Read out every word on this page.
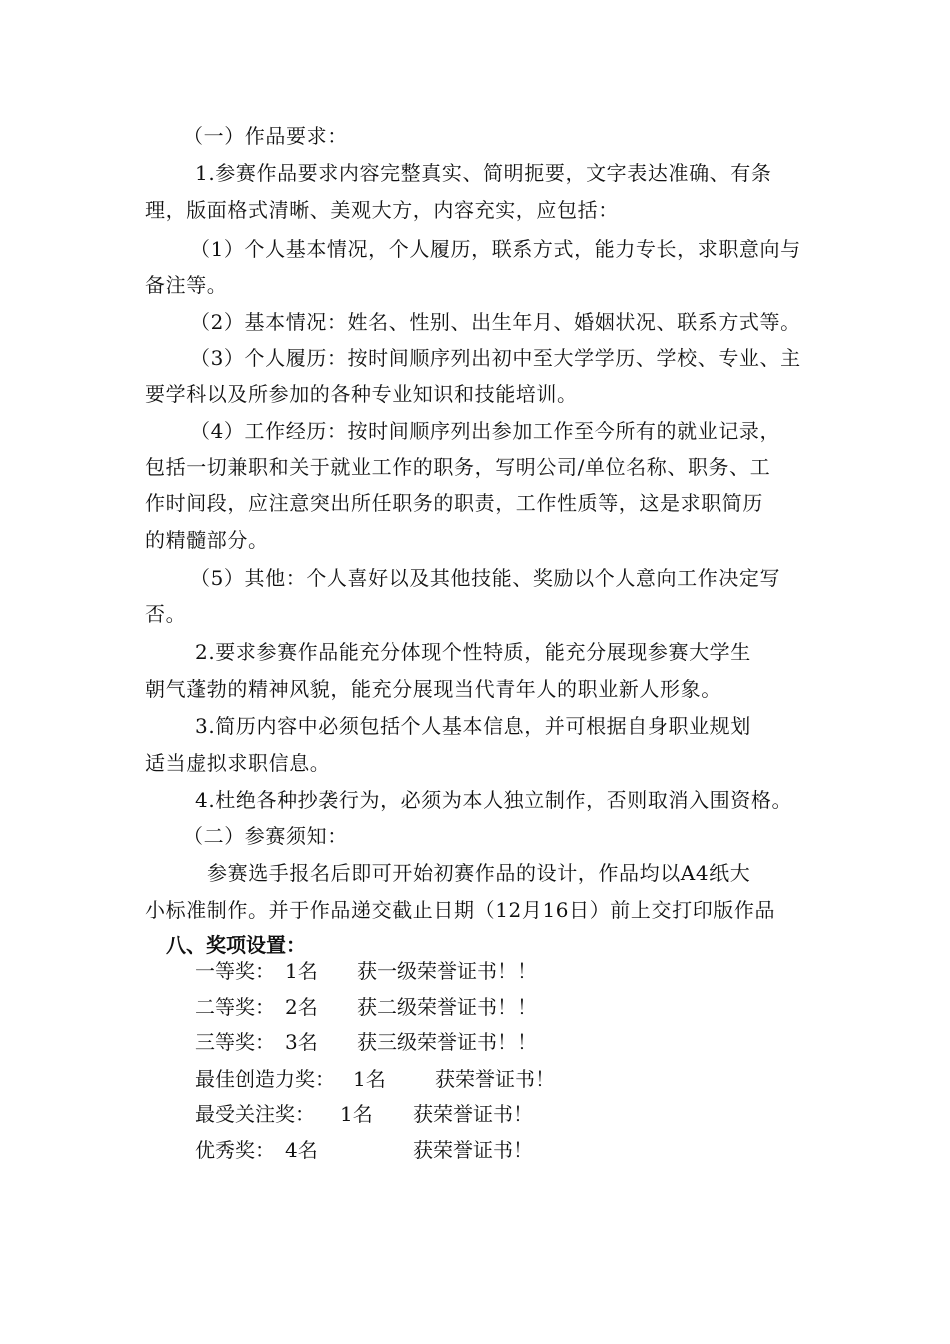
（一）作品要求：
1.参赛作品要求内容完整真实、简明扼要，文字表达准确、有条
理，版面格式清晰、美观大方，内容充实，应包括：
（1）个人基本情况，个人履历，联系方式，能力专长，求职意向与
备注等。
（2）基本情况：姓名、性别、出生年月、婚姻状况、联系方式等。
（3）个人履历：按时间顺序列出初中至大学学历、学校、专业、主
要学科以及所参加的各种专业知识和技能培训。
（4）工作经历：按时间顺序列出参加工作至今所有的就业记录，
包括一切兼职和关于就业工作的职务，写明公司/单位名称、职务、工
作时间段，应注意突出所任职务的职责，工作性质等，这是求职简历
的精髓部分。
（5）其他：个人喜好以及其他技能、奖励以个人意向工作决定写
否。
2.要求参赛作品能充分体现个性特质，能充分展现参赛大学生
朝气蓬勃的精神风貌，能充分展现当代青年人的职业新人形象。
3.简历内容中必须包括个人基本信息，并可根据自身职业规划
适当虚拟求职信息。
4.杜绝各种抄袭行为，必须为本人独立制作，否则取消入围资格。
（二）参赛须知：
参赛选手报名后即可开始初赛作品的设计，作品均以A4纸大
小标准制作。并于作品递交截止日期（12月16日）前上交打印版作品
八、奖项设置：
一等奖： 1名 获一级荣誉证书！！
二等奖： 2名 获二级荣誉证书！！
三等奖： 3名 获三级荣誉证书！！
最佳创造力奖： 1名 获荣誉证书！
最受关注奖： 1名 获荣誉证书！
优秀奖： 4名	获荣誉证书！
